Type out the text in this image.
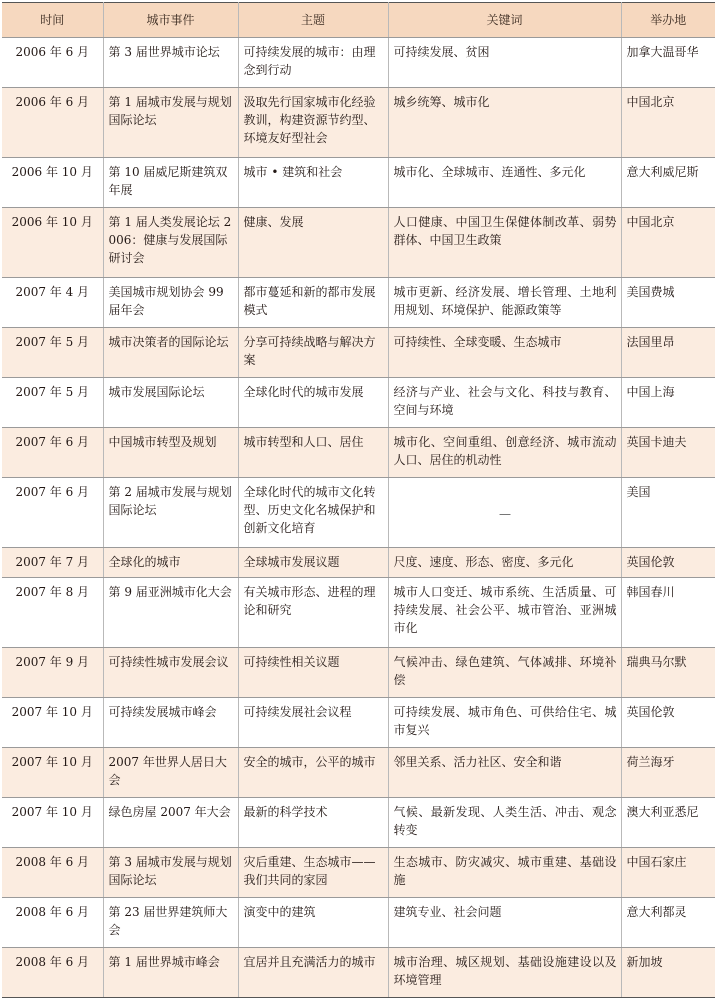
时间	城市事件	主题	关键词	举办地
2006 年 6 月	第 3 届世界城市论坛	可持续发展的城市：由理念到行动	可持续发展、贫困	加拿大温哥华
2006 年 6 月	第 1 届城市发展与规划国际论坛	汲取先行国家城市化经验教训，构建资源节约型、环境友好型社会	城乡统筹、城市化	中国北京
2006 年 10 月	第 10 届威尼斯建筑双年展	城市 • 建筑和社会	城市化、全球城市、连通性、多元化	意大利威尼斯
2006 年 10 月	第 1 届人类发展论坛 2006：健康与发展国际研讨会	健康、发展	人口健康、中国卫生保健体制改革、弱势群体、中国卫生政策	中国北京
2007 年 4 月	美国城市规划协会 99 届年会	都市蔓延和新的都市发展模式	城市更新、经济发展、增长管理、土地利用规划、环境保护、能源政策等	美国费城
2007 年 5 月	城市决策者的国际论坛	分享可持续战略与解决方案	可持续性、全球变暖、生态城市	法国里昂
2007 年 5 月	城市发展国际论坛	全球化时代的城市发展	经济与产业、社会与文化、科技与教育、空间与环境	中国上海
2007 年 6 月	中国城市转型及规划	城市转型和人口、居住	城市化、空间重组、创意经济、城市流动人口、居住的机动性	英国卡迪夫
2007 年 6 月	第 2 届城市发展与规划国际论坛	全球化时代的城市文化转型、历史文化名城保护和创新文化培育	—	美国
2007 年 7 月	全球化的城市	全球城市发展议题	尺度、速度、形态、密度、多元化	英国伦敦
2007 年 8 月	第 9 届亚洲城市化大会	有关城市形态、进程的理论和研究	城市人口变迁、城市系统、生活质量、可持续发展、社会公平、城市管治、亚洲城市化	韩国春川
2007 年 9 月	可持续性城市发展会议	可持续性相关议题	气候冲击、绿色建筑、气体减排、环境补偿	瑞典马尔默
2007 年 10 月	可持续发展城市峰会	可持续发展社会议程	可持续发展、城市角色、可供给住宅、城市复兴	英国伦敦
2007 年 10 月	2007 年世界人居日大会	安全的城市，公平的城市	邻里关系、活力社区、安全和谐	荷兰海牙
2007 年 10 月	绿色房屋 2007 年大会	最新的科学技术	气候、最新发现、人类生活、冲击、观念转变	澳大利亚悉尼
2008 年 6 月	第 3 届城市发展与规划国际论坛	灾后重建、生态城市——我们共同的家园	生态城市、防灾减灾、城市重建、基础设施	中国石家庄
2008 年 6 月	第 23 届世界建筑师大会	演变中的建筑	建筑专业、社会问题	意大利都灵
2008 年 6 月	第 1 届世界城市峰会	宜居并且充满活力的城市	城市治理、城区规划、基础设施建设以及环境管理	新加坡
